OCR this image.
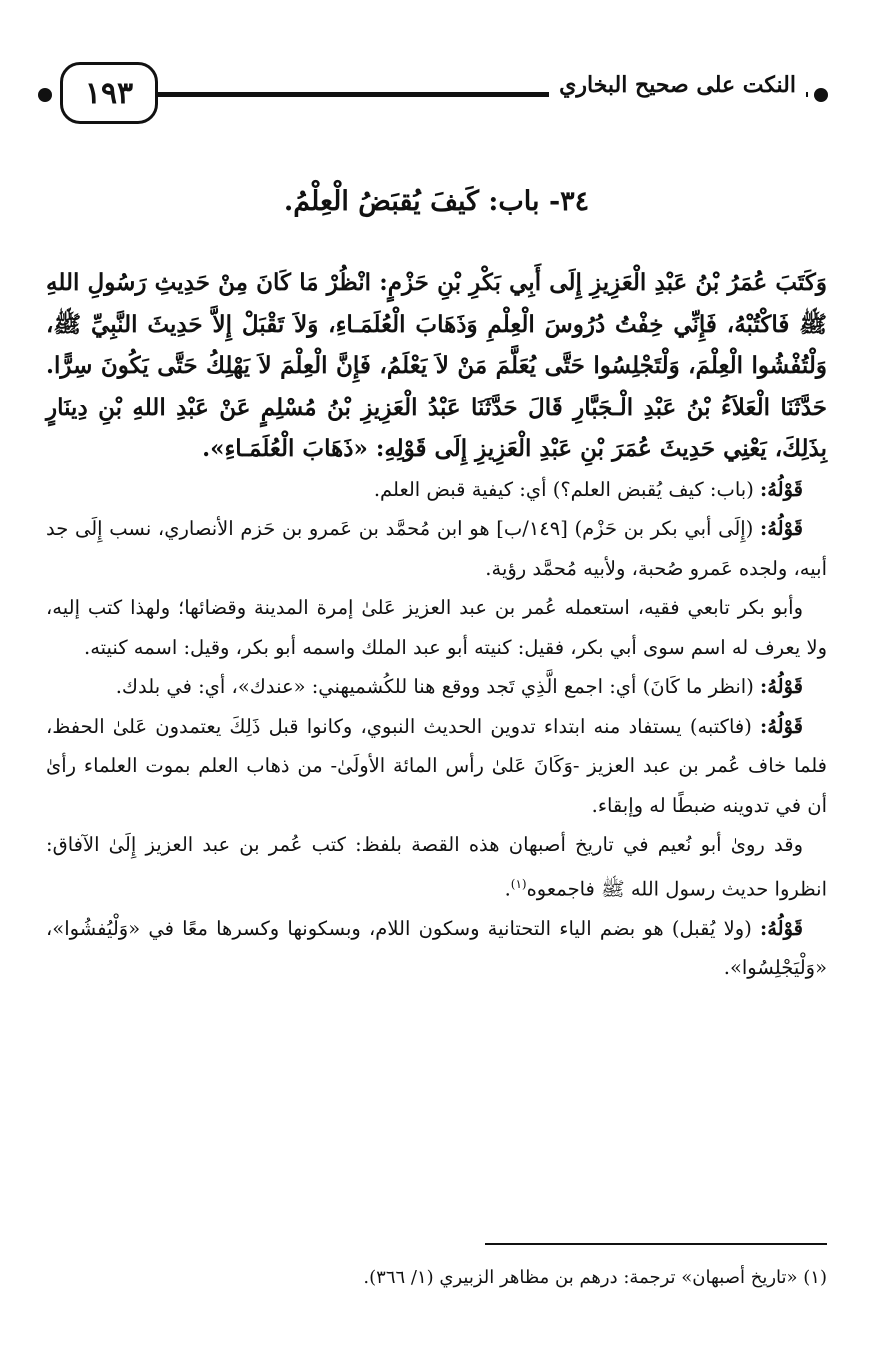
١٩٣	النكت على صحيح البخاري
٣٤- باب: كَيفَ يُقبَضُ الْعِلْمُ.

وَكَتَبَ عُمَرُ بْنُ عَبْدِ الْعَزِيزِ إِلَى أَبِي بَكْرِ بْنِ حَزْمٍ: انْظُرْ مَا كَانَ مِنْ حَدِيثِ رَسُولِ اللهِ ﷺ فَاكْتُبْهُ، فَإِنِّي خِفْتُ دُرُوسَ الْعِلْمِ وَذَهَابَ الْعُلَمَـاءِ، وَلاَ تَقْبَلْ إِلاَّ حَدِيثَ النَّبِيِّ ﷺ، وَلْتُفْشُوا الْعِلْمَ، وَلْتَجْلِسُوا حَتَّى يُعَلَّمَ مَنْ لاَ يَعْلَمُ، فَإِنَّ الْعِلْمَ لاَ يَهْلِكُ حَتَّى يَكُونَ سِرًّا. حَدَّثَنَا الْعَلاَءُ بْنُ عَبْدِ الْـجَبَّارِ قَالَ حَدَّثَنَا عَبْدُ الْعَزِيزِ بْنُ مُسْلِمٍ عَنْ عَبْدِ اللهِ بْنِ دِينَارٍ بِذَلِكَ، يَعْنِي حَدِيثَ عُمَرَ بْنِ عَبْدِ الْعَزِيزِ إِلَى قَوْلِهِ: «ذَهَابَ الْعُلَمَـاءِ».

قَوْلُهُ: (باب: كيف يُقبض العلم؟) أي: كيفية قبض العلم.

قَوْلُهُ: (إِلَى أبي بكر بن حَزْم) [١٤٩/ب] هو ابن مُحمَّد بن عَمرو بن حَزم الأنصاري، نسب إِلَى جد أبيه، ولجده عَمرو صُحبة، ولأبيه مُحمَّد رؤية.

وأبو بكر تابعي فقيه، استعمله عُمر بن عبد العزيز عَلىٰ إمرة المدينة وقضائها؛ ولهذا كتب إليه، ولا يعرف له اسم سوى أبي بكر، فقيل: كنيته أبو عبد الملك واسمه أبو بكر، وقيل: اسمه كنيته.

قَوْلُهُ: (انظر ما كَانَ) أي: اجمع الَّذِي تَجد ووقع هنا للكُشميهني: «عندك»، أي: في بلدك.

قَوْلُهُ: (فاكتبه) يستفاد منه ابتداء تدوين الحديث النبوي، وكانوا قبل ذَلِكَ يعتمدون عَلىٰ الحفظ، فلما خاف عُمر بن عبد العزيز -وَكَانَ عَلىٰ رأس المائة الأولَىٰ- من ذهاب العلم بموت العلماء رأىٰ أن في تدوينه ضبطًا له وإبقاء.

وقد روىٰ أبو نُعيم في تاريخ أصبهان هذه القصة بلفظ: كتب عُمر بن عبد العزيز إِلَىٰ الآفاق: انظروا حديث رسول الله ﷺ فاجمعوه$^{(١)}$.

قَوْلُهُ: (ولا يُقبل) هو بضم الياء التحتانية وسكون اللام، وبسكونها وكسرها معًا في «وَلْيُفشُوا»، «وَلْيَجْلِسُوا».

(١) «تاريخ أصبهان» ترجمة: درهم بن مظاهر الزبيري (١/ ٣٦٦).
